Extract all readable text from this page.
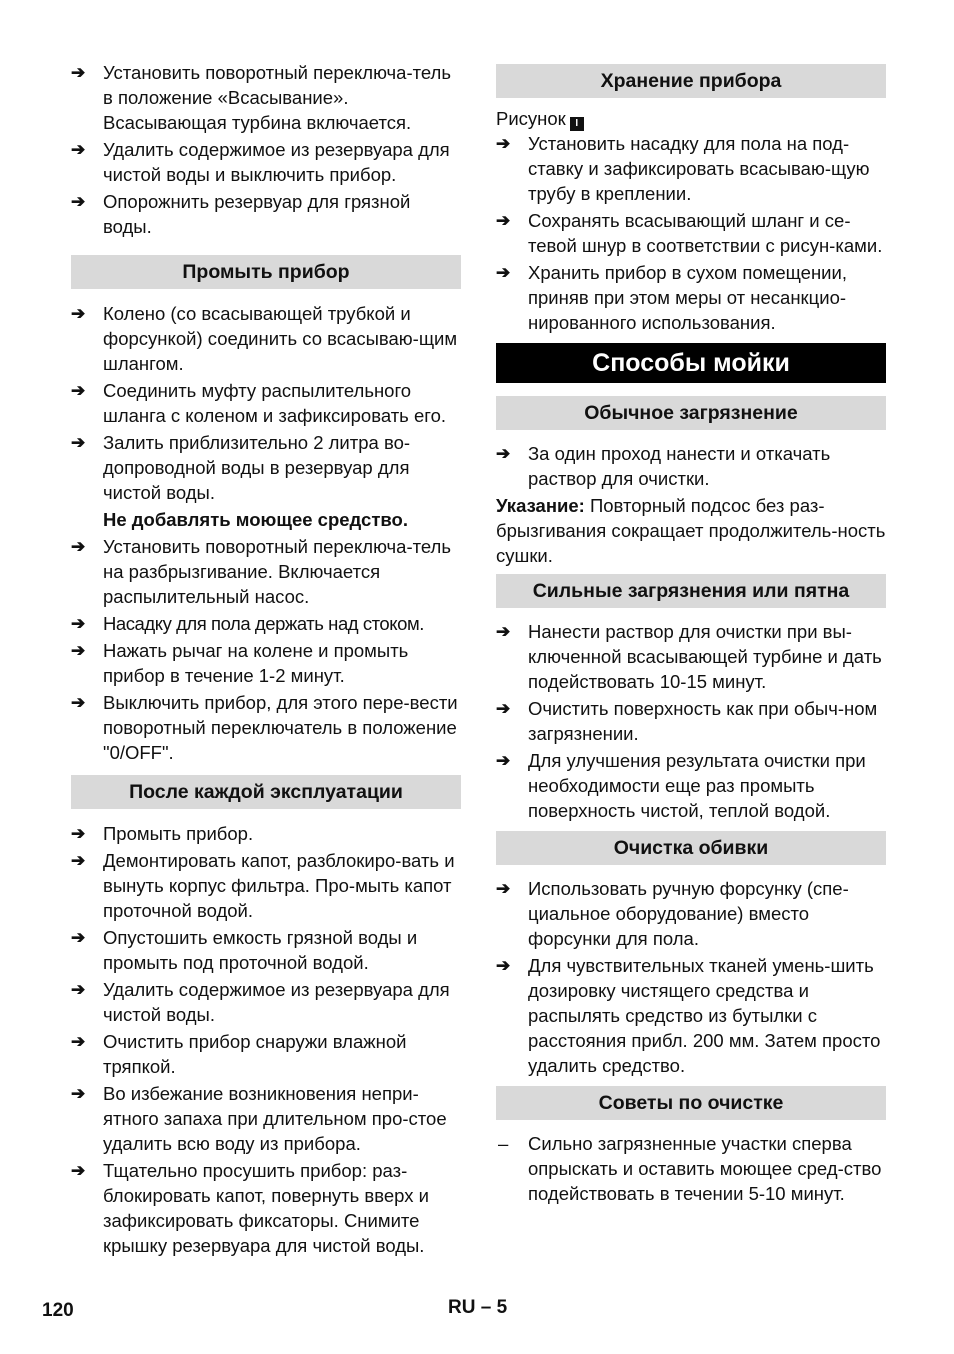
➔ Установить поворотный переключа-тель в положение «Всасывание». Всасывающая турбина включается.
➔ Удалить содержимое из резервуара для чистой воды и выключить прибор.
➔ Опорожнить резервуар для грязной воды.
Промыть прибор
➔ Колено (со всасывающей трубкой и форсункой) соединить со всасываю-щим шлангом.
➔ Соединить муфту распылительного шланга с коленом и зафиксировать его.
➔ Залить приблизительно 2 литра во-допроводной воды в резервуар для чистой воды.
Не добавлять моющее средство.
➔ Установить поворотный переключа-тель на разбрызгивание. Включается распылительный насос.
➔ Насадку для пола держать над стоком.
➔ Нажать рычаг на колене и промыть прибор в течение 1-2 минут.
➔ Выключить прибор, для этого пере-вести поворотный переключатель в положение "0/OFF".
После каждой эксплуатации
➔ Промыть прибор.
➔ Демонтировать капот, разблокиро-вать и вынуть корпус фильтра. Про-мыть капот проточной водой.
➔ Опустошить емкость грязной воды и промыть под проточной водой.
➔ Удалить содержимое из резервуара для чистой воды.
➔ Очистить прибор снаружи влажной тряпкой.
➔ Во избежание возникновения непри-ятного запаха при длительном про-стое удалить всю воду из прибора.
➔ Тщательно просушить прибор: раз-блокировать капот, повернуть вверх и зафиксировать фиксаторы. Снимите крышку резервуара для чистой воды.
Хранение прибора
Рисунок I
➔ Установить насадку для пола на под-ставку и зафиксировать всасываю-щую трубу в креплении.
➔ Сохранять всасывающий шланг и се-тевой шнур в соответствии с рисун-ками.
➔ Хранить прибор в сухом помещении, приняв при этом меры от несанкцио-нированного использования.
Способы мойки
Обычное загрязнение
➔ За один проход нанести и откачать раствор для очистки.
Указание: Повторный подсос без раз-брызгивания сокращает продолжитель-ность сушки.
Сильные загрязнения или пятна
➔ Нанести раствор для очистки при вы-ключенной всасывающей турбине и дать подействовать 10-15 минут.
➔ Очистить поверхность как при обыч-ном загрязнении.
➔ Для улучшения результата очистки при необходимости еще раз промыть поверхность чистой, теплой водой.
Очистка обивки
➔ Использовать ручную форсунку (спе-циальное оборудование) вместо форсунки для пола.
➔ Для чувствительных тканей умень-шить дозировку чистящего средства и распылять средство из бутылки с расстояния прибл. 200 мм. Затем просто удалить средство.
Советы по очистке
–	Сильно загрязненные участки сперва опрыскать и оставить моющее сред-ство подействовать в течении 5-10 минут.
120	RU – 5
